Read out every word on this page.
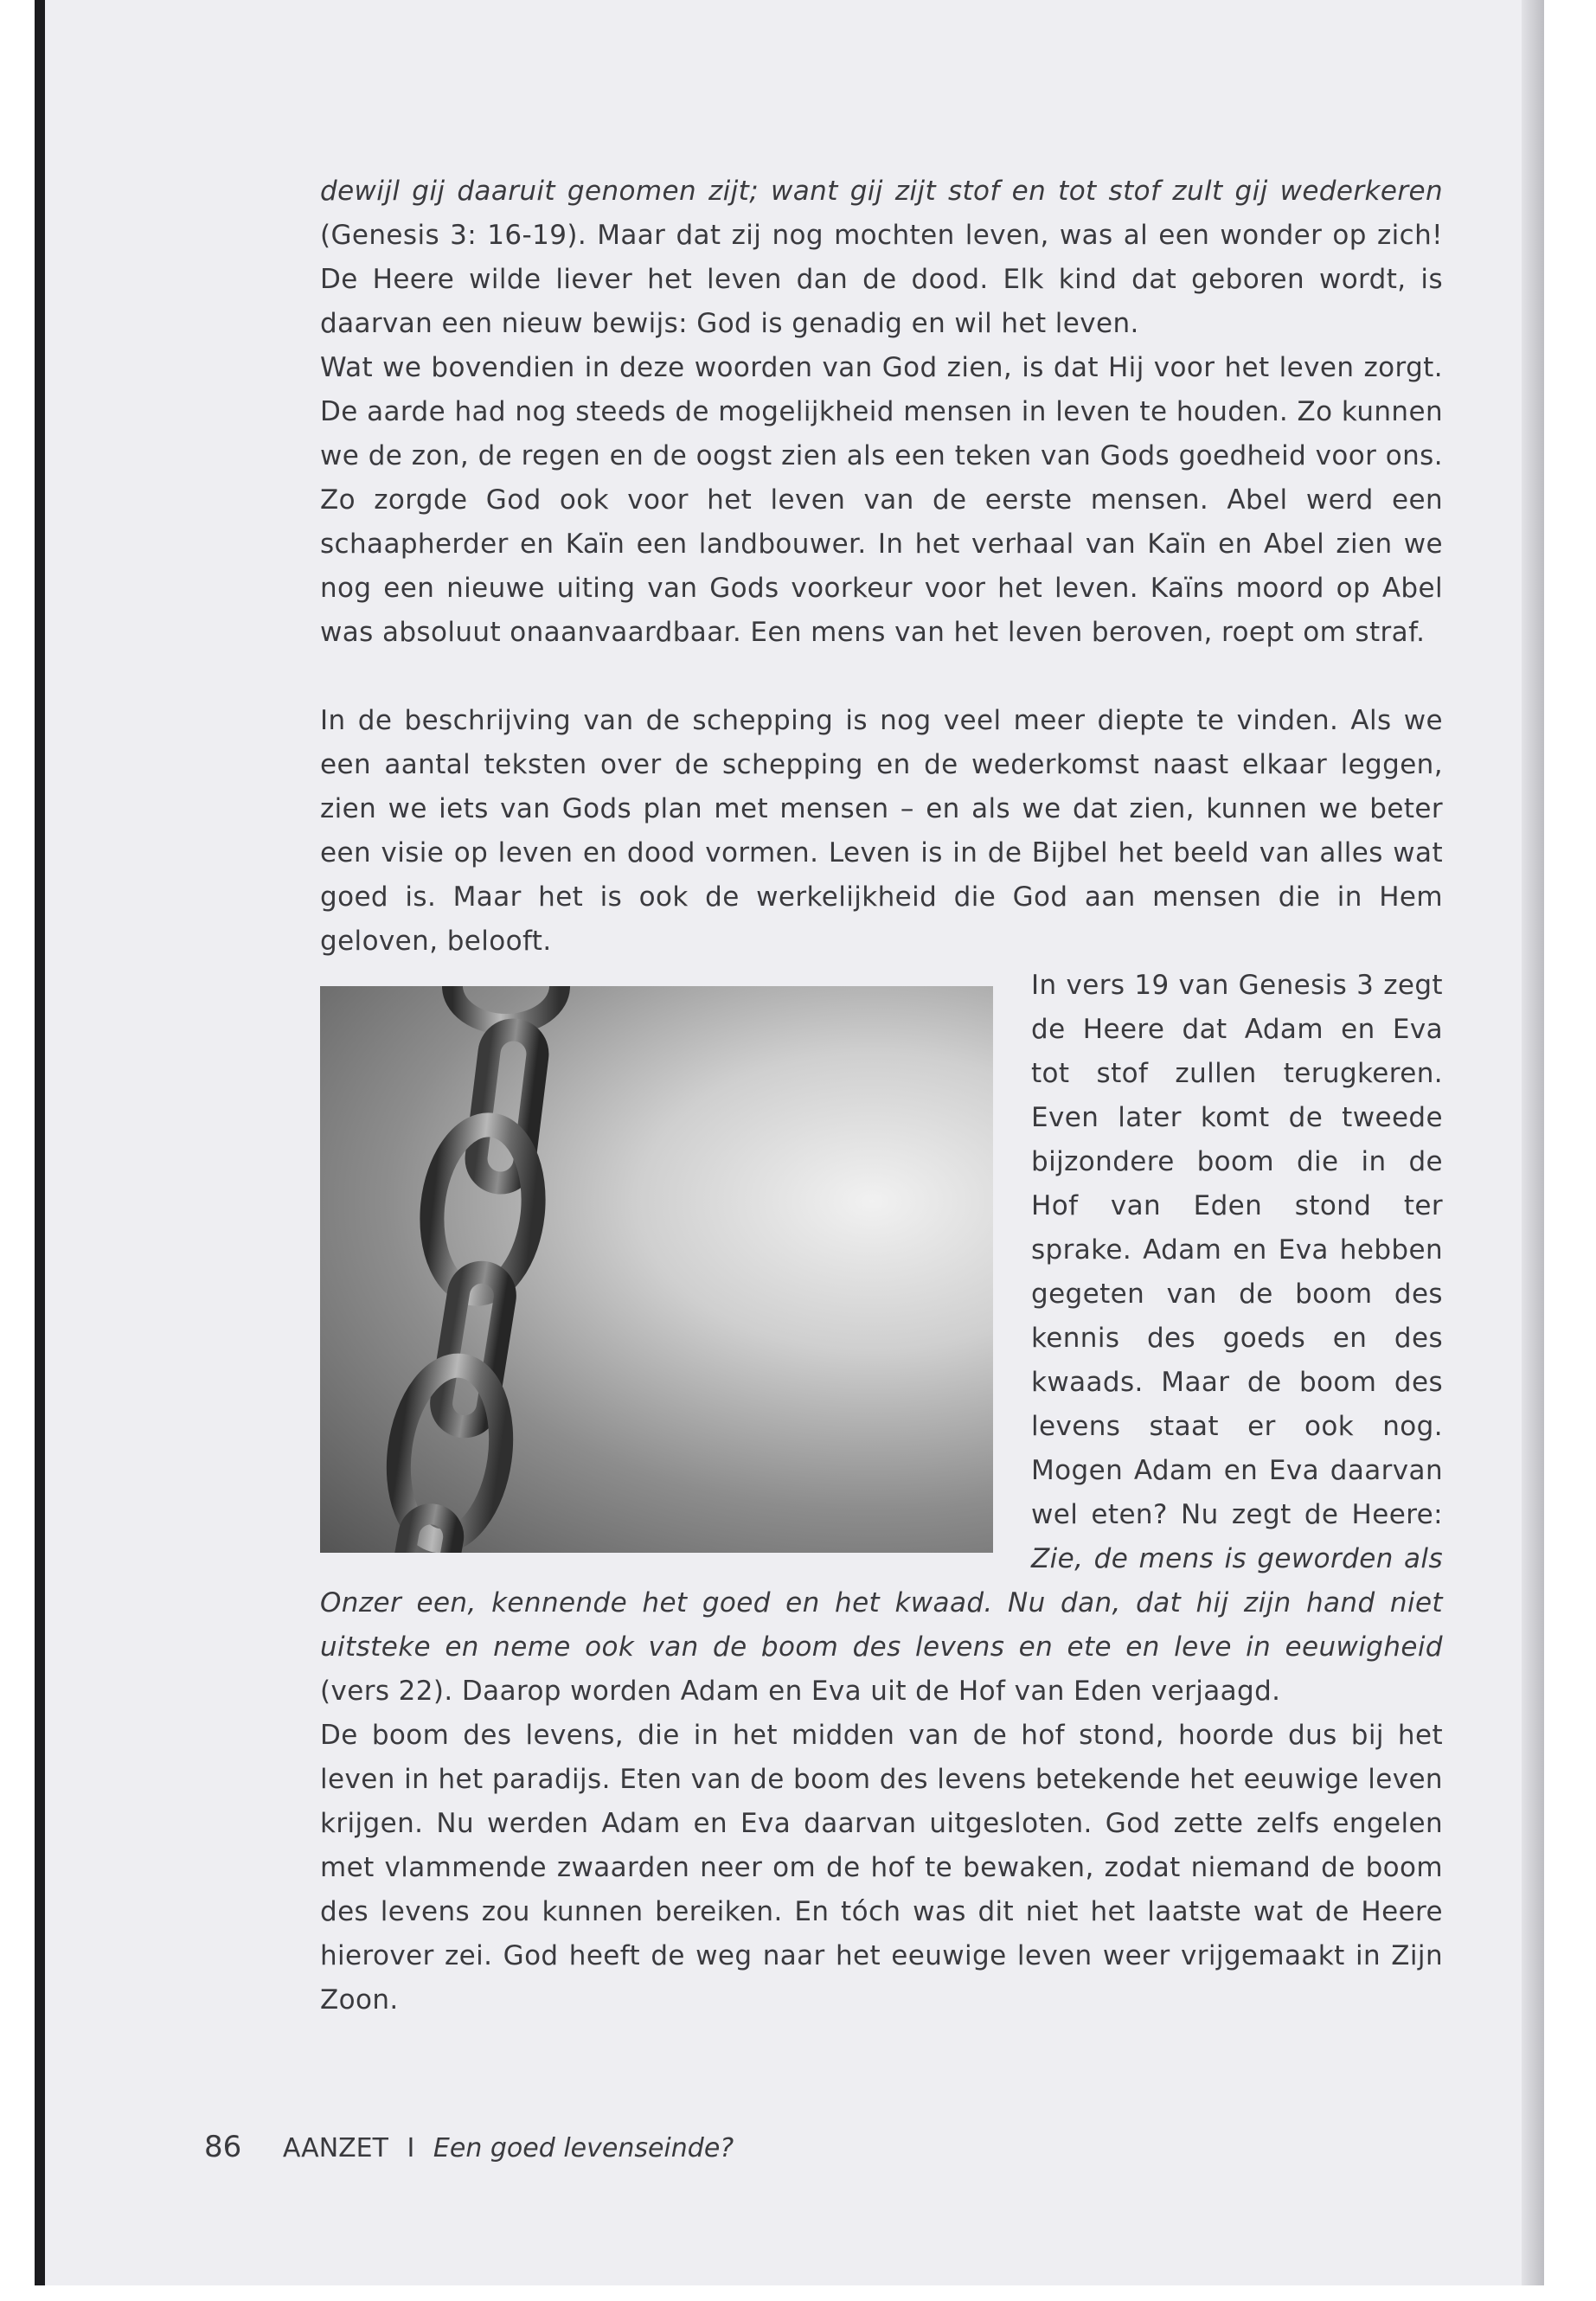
dewijl gij daaruit genomen zijt; want gij zijt stof en tot stof zult gij wederkeren (Genesis 3: 16-19). Maar dat zij nog mochten leven, was al een wonder op zich! De Heere wilde liever het leven dan de dood. Elk kind dat geboren wordt, is daarvan een nieuw bewijs: God is genadig en wil het leven.

Wat we bovendien in deze woorden van God zien, is dat Hij voor het leven zorgt. De aarde had nog steeds de mogelijkheid mensen in leven te houden. Zo kunnen we de zon, de regen en de oogst zien als een teken van Gods goedheid voor ons. Zo zorgde God ook voor het leven van de eerste mensen. Abel werd een schaapherder en Kaïn een landbouwer. In het verhaal van Kaïn en Abel zien we nog een nieuwe uiting van Gods voorkeur voor het leven. Kaïns moord op Abel was absoluut onaanvaardbaar. Een mens van het leven beroven, roept om straf.

In de beschrijving van de schepping is nog veel meer diepte te vinden. Als we een aantal teksten over de schepping en de wederkomst naast elkaar leggen, zien we iets van Gods plan met mensen – en als we dat zien, kunnen we beter een visie op leven en dood vormen. Leven is in de Bijbel het beeld van alles wat goed is. Maar het is ook de werkelijkheid die God aan mensen die in Hem geloven, belooft.

In vers 19 van Genesis 3 zegt de Heere dat Adam en Eva tot stof zullen terugkeren. Even later komt de tweede bijzondere boom die in de Hof van Eden stond ter sprake. Adam en Eva hebben gegeten van de boom des kennis des goeds en des kwaads. Maar de boom des levens staat er ook nog. Mogen Adam en Eva daarvan wel eten? Nu zegt de Heere: Zie, de mens is geworden als Onzer een, kennende het goed en het kwaad. Nu dan, dat hij zijn hand niet uitsteke en neme ook van de boom des levens en ete en leve in eeuwigheid (vers 22). Daarop worden Adam en Eva uit de Hof van Eden verjaagd.

De boom des levens, die in het midden van de hof stond, hoorde dus bij het leven in het paradijs. Eten van de boom des levens betekende het eeuwige leven krijgen. Nu werden Adam en Eva daarvan uitgesloten. God zette zelfs engelen met vlammende zwaarden neer om de hof te bewaken, zodat niemand de boom des levens zou kunnen bereiken. En tóch was dit niet het laatste wat de Heere hierover zei. God heeft de weg naar het eeuwige leven weer vrijgemaakt in Zijn Zoon.

86 AANZET I Een goed levenseinde?
